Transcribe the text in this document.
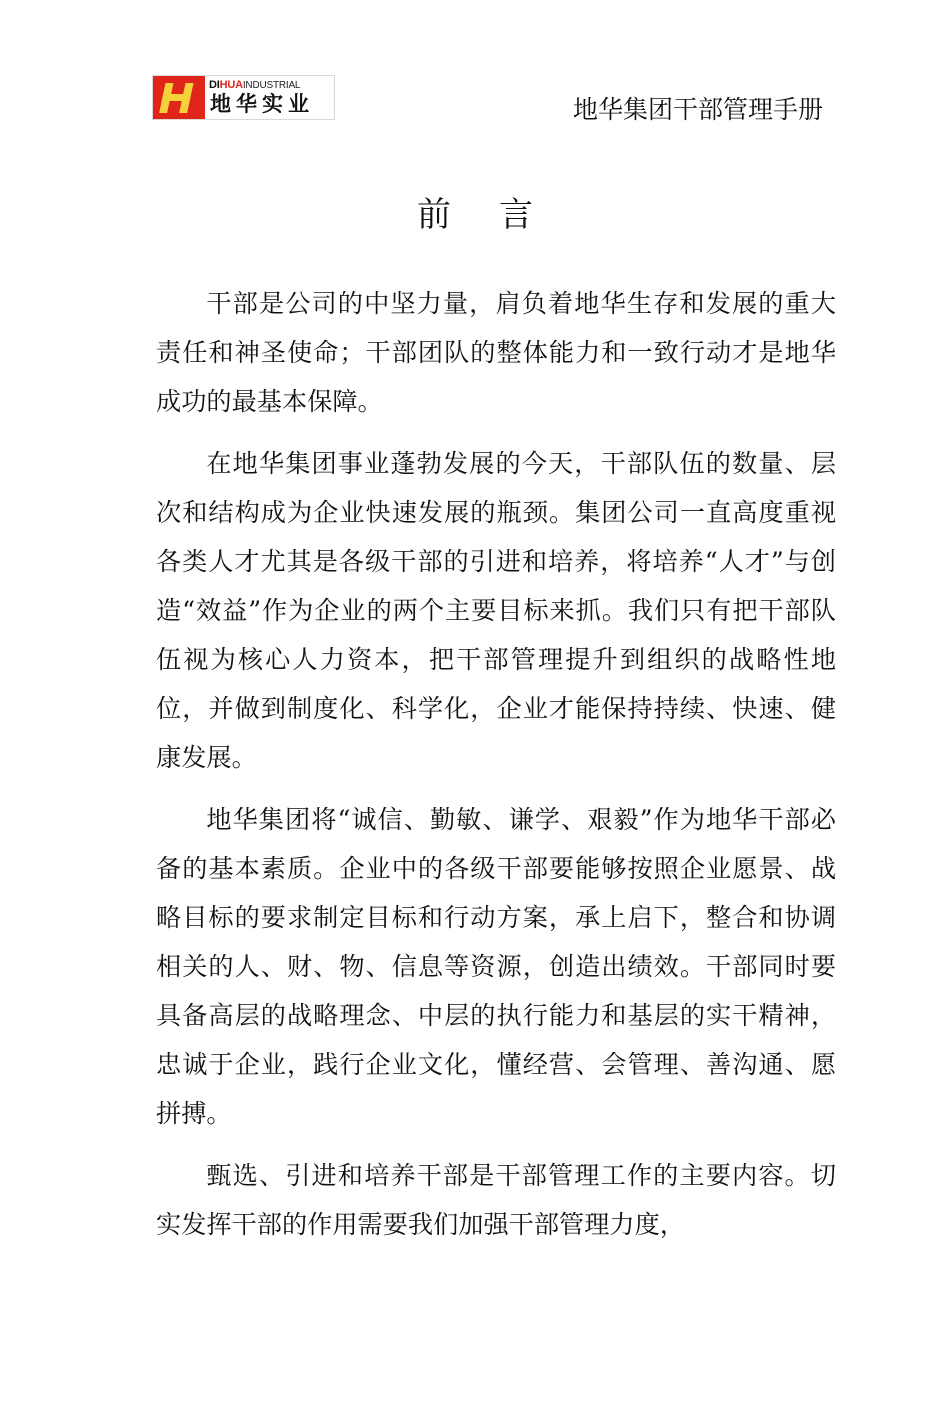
DIHUAINDUSTRIAL
地华实业	地华集团干部管理手册
前言

干部是公司的中坚力量，肩负着地华生存和发展的重大责任和神圣使命；干部团队的整体能力和一致行动才是地华成功的最基本保障。

在地华集团事业蓬勃发展的今天，干部队伍的数量、层次和结构成为企业快速发展的瓶颈。集团公司一直高度重视各类人才尤其是各级干部的引进和培养，将培养“人才”与创造“效益”作为企业的两个主要目标来抓。我们只有把干部队伍视为核心人力资本，把干部管理提升到组织的战略性地位，并做到制度化、科学化，企业才能保持持续、快速、健康发展。

地华集团将“诚信、勤敏、谦学、艰毅”作为地华干部必备的基本素质。企业中的各级干部要能够按照企业愿景、战略目标的要求制定目标和行动方案，承上启下，整合和协调相关的人、财、物、信息等资源，创造出绩效。干部同时要具备高层的战略理念、中层的执行能力和基层的实干精神，忠诚于企业，践行企业文化，懂经营、会管理、善沟通、愿拼搏。

甄选、引进和培养干部是干部管理工作的主要内容。切实发挥干部的作用需要我们加强干部管理力度，
